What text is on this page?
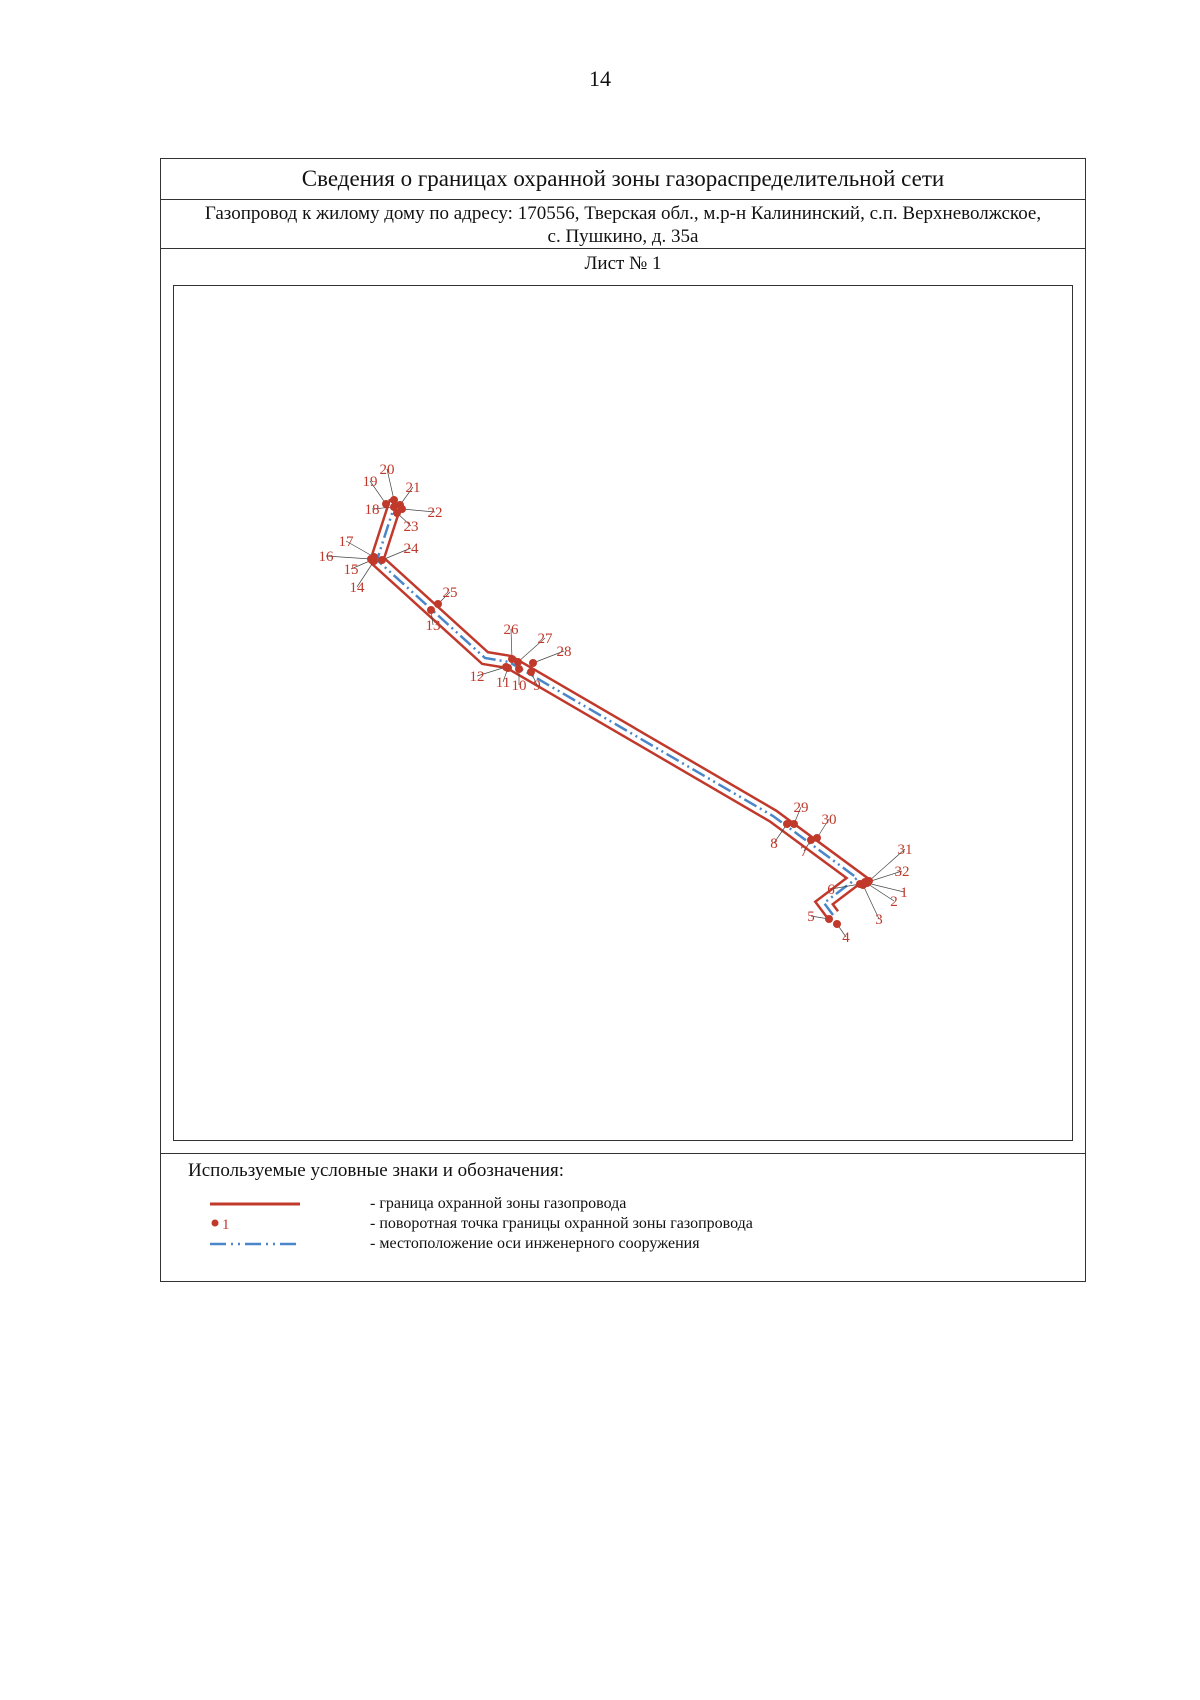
14
Сведения о границах охранной зоны газораспределительной сети
Газопровод к жилому дому по адресу: 170556, Тверская обл., м.р-н Калининский, с.п. Верхневолжское,
с. Пушкино, д. 35а
Лист № 1
1
2
3
4
5
6
7
8
9
10
11
12
13
14
15
16
17
18
19
20
21
22
23
24
25
26
27
28
29
30
31
32
Используемые условные знаки и обозначения:
- граница охранной зоны газопровода
1	- поворотная точка границы охранной зоны газопровода
- местоположение оси инженерного сооружения
